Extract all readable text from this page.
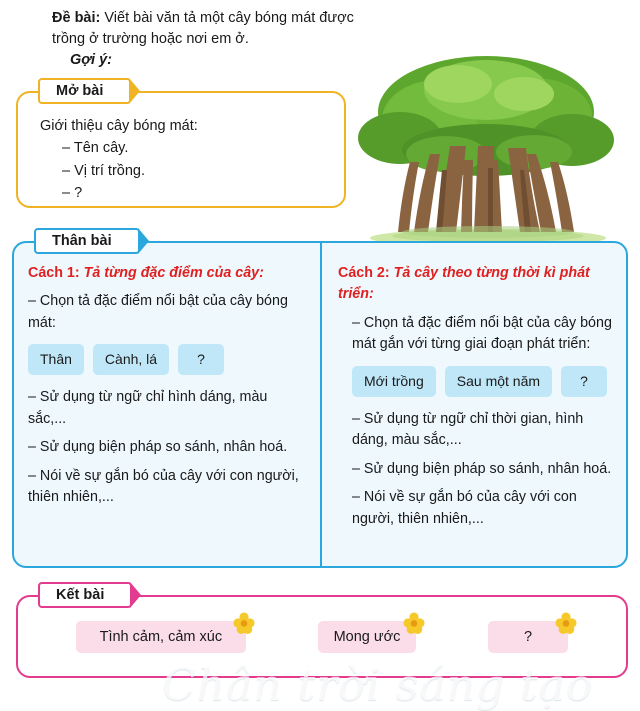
Đề bài: Viết bài văn tả một cây bóng mát được trồng ở trường hoặc nơi em ở.
Gợi ý:
Giới thiệu cây bóng mát:
– Tên cây.
– Vị trí trồng.
– ?
Mở bài
Chân trời sáng tạo
Cách 1: Tả từng đặc điểm của cây:
– Chọn tả đặc điểm nổi bật của cây bóng mát:
Thân	Cành, lá	?
– Sử dụng từ ngữ chỉ hình dáng, màu sắc,...
– Sử dụng biện pháp so sánh, nhân hoá.
– Nói về sự gắn bó của cây với con người, thiên nhiên,...
Cách 2: Tả cây theo từng thời kì phát triển:
– Chọn tả đặc điểm nổi bật của cây bóng mát gắn với từng giai đoạn phát triển:
Mới trồng	Sau một năm	?
– Sử dụng từ ngữ chỉ thời gian, hình dáng, màu sắc,...
– Sử dụng biện pháp so sánh, nhân hoá.
– Nói về sự gắn bó của cây với con người, thiên nhiên,...
Thân bài
Tình cảm, cảm xúc	Mong ước	?
Kết bài
